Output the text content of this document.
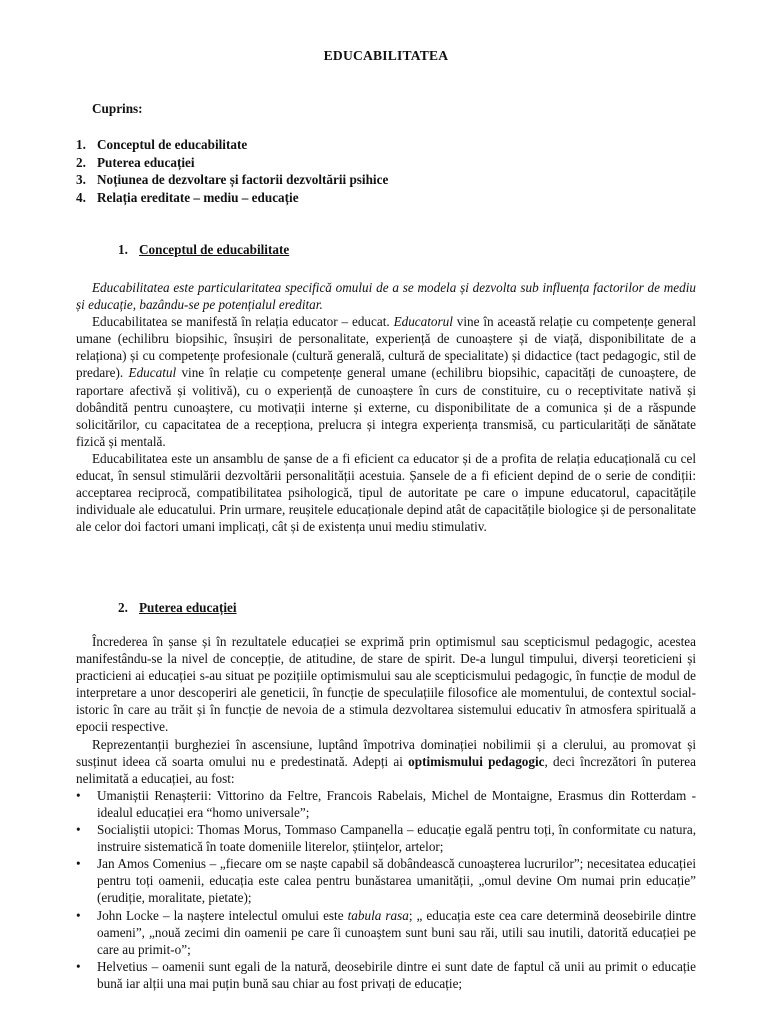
EDUCABILITATEA
Cuprins:
1. Conceptul de educabilitate
2. Puterea educației
3. Noțiunea de dezvoltare și factorii dezvoltării psihice
4. Relația ereditate – mediu – educație
1. Conceptul de educabilitate

Educabilitatea este particularitatea specifică omului de a se modela și dezvolta sub influența factorilor de mediu și educație, bazându-se pe potențialul ereditar.

Educabilitatea se manifestă în relația educator – educat. Educatorul vine în această relație cu competențe general umane (echilibru biopsihic, însușiri de personalitate, experiență de cunoaștere și de viață, disponibilitate de a relaționa) și cu competențe profesionale (cultură generală, cultură de specialitate) și didactice (tact pedagogic, stil de predare). Educatul vine în relație cu competențe general umane (echilibru biopsihic, capacități de cunoaștere, de raportare afectivă și volitivă), cu o experiență de cunoaștere în curs de constituire, cu o receptivitate nativă și dobândită pentru cunoaștere, cu motivații interne și externe, cu disponibilitate de a comunica și de a răspunde solicitărilor, cu capacitatea de a recepționa, prelucra și integra experiența transmisă, cu particularități de sănătate fizică și mentală.

Educabilitatea este un ansamblu de șanse de a fi eficient ca educator și de a profita de relația educațională cu cel educat, în sensul stimulării dezvoltării personalității acestuia. Șansele de a fi eficient depind de o serie de condiții: acceptarea reciprocă, compatibilitatea psihologică, tipul de autoritate pe care o impune educatorul, capacitățile individuale ale educatului. Prin urmare, reușitele educaționale depind atât de capacitățile biologice și de personalitate ale celor doi factori umani implicați, cât și de existența unui mediu stimulativ.

2. Puterea educației

Încrederea în șanse și în rezultatele educației se exprimă prin optimismul sau scepticismul pedagogic, acestea manifestându-se la nivel de concepție, de atitudine, de stare de spirit. De-a lungul timpului, diverși teoreticieni și practicieni ai educației s-au situat pe pozițiile optimismului sau ale scepticismului pedagogic, în funcție de modul de interpretare a unor descoperiri ale geneticii, în funcție de speculațiile filosofice ale momentului, de contextul social-istoric în care au trăit și în funcție de nevoia de a stimula dezvoltarea sistemului educativ în atmosfera spirituală a epocii respective.

Reprezentanții burgheziei în ascensiune, luptând împotriva dominației nobilimii și a clerului, au promovat și susținut ideea că soarta omului nu e predestinată. Adepți ai optimismului pedagogic, deci încrezători în puterea nelimitată a educației, au fost:

• Umaniștii Renașterii: Vittorino da Feltre, Francois Rabelais, Michel de Montaigne, Erasmus din Rotterdam - idealul educației era “homo universale”;
• Socialiștii utopici: Thomas Morus, Tommaso Campanella – educație egală pentru toți, în conformitate cu natura, instruire sistematică în toate domeniile literelor, științelor, artelor;
• Jan Amos Comenius – „fiecare om se naște capabil să dobândească cunoașterea lucrurilor”; necesitatea educației pentru toți oamenii, educația este calea pentru bunăstarea umanității, „omul devine Om numai prin educație” (erudiție, moralitate, pietate);
• John Locke – la naștere intelectul omului este tabula rasa; „ educația este cea care determină deosebirile dintre oameni”, „nouă zecimi din oamenii pe care îi cunoaștem sunt buni sau răi, utili sau inutili, datorită educației pe care au primit-o”;
• Helvetius – oamenii sunt egali de la natură, deosebirile dintre ei sunt date de faptul că unii au primit o educație bună iar alții una mai puțin bună sau chiar au fost privați de educație;
